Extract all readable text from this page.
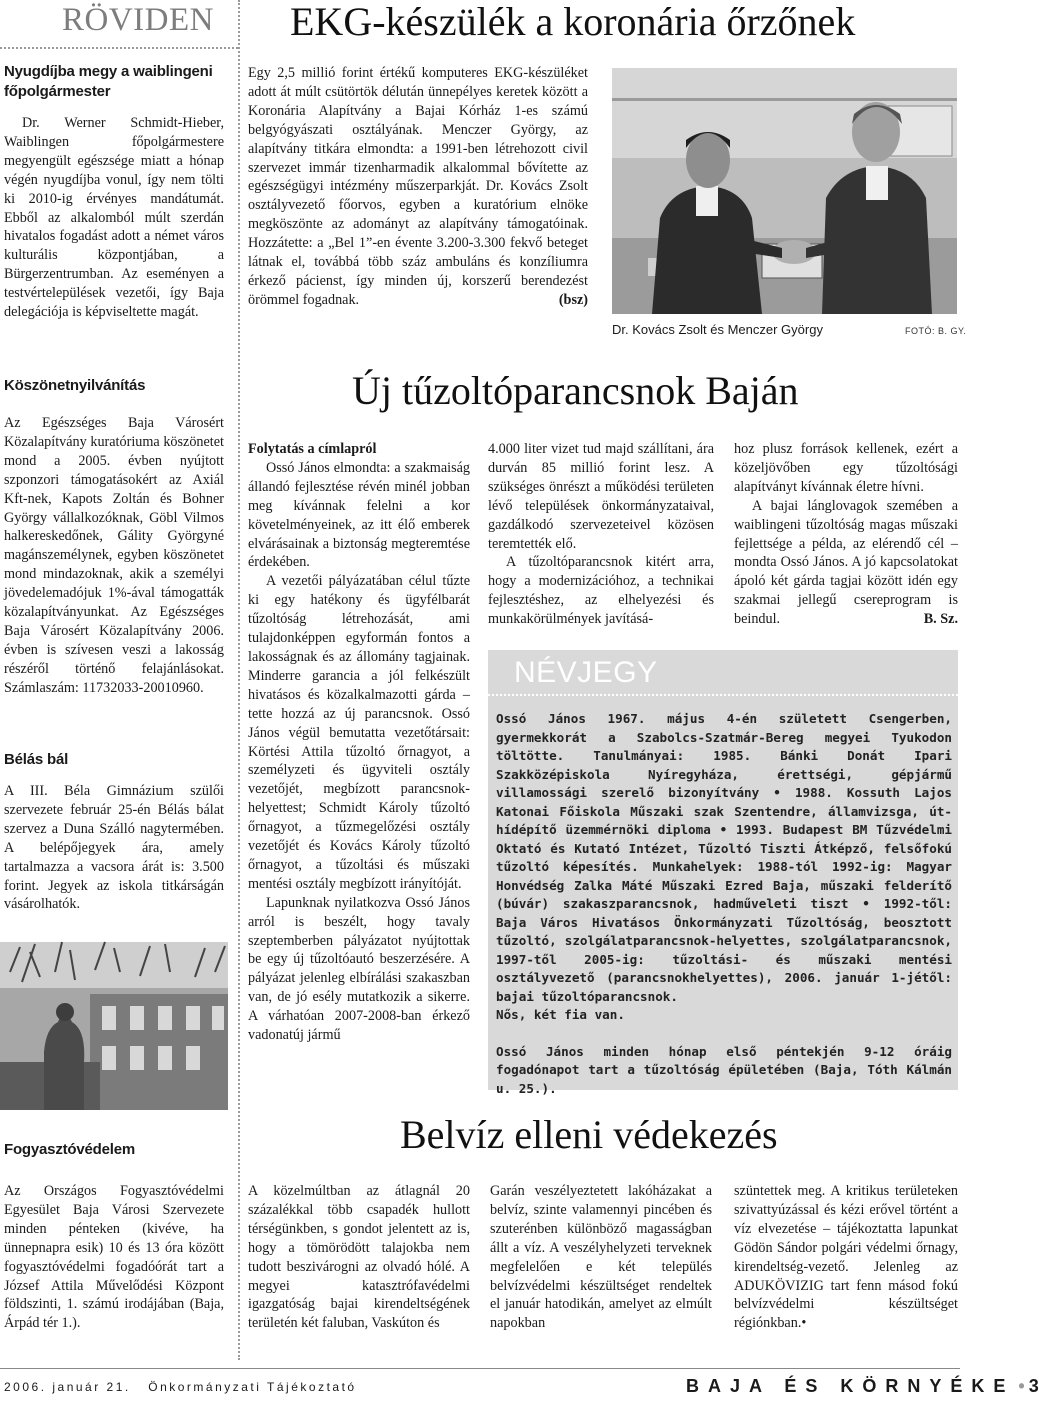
RÖVIDEN
Nyugdíjba megy a waiblingeni főpolgármester
Dr. Werner Schmidt-Hieber, Waiblingen főpolgármestere megyengült egészsége miatt a hónap végén nyugdíjba vonul, így nem tölti ki 2010-ig érvényes mandátumát. Ebből az alkalomból múlt szerdán hivatalos fogadást adott a német város kulturális központjában, a Bürgerzentrumban. Az eseményen a testvértelepülések vezetői, így Baja delegációja is képviseltette magát.
Köszönetnyilvánítás
Az Egészséges Baja Városért Közalapítvány kuratóriuma köszönetet mond a 2005. évben nyújtott szponzori támogatásokért az Axiál Kft-nek, Kapots Zoltán és Bohner György vállalkozóknak, Göbl Vilmos halkereskedőnek, Gálity Györgyné magánszemélynek, egyben köszönetet mond mindazoknak, akik a személyi jövedelemadójuk 1%-ával támogatták közalapítványunkat. Az Egészséges Baja Városért Közalapítvány 2006. évben is szívesen veszi a lakosság részéről történő felajánlásokat. Számlaszám: 11732033-20010960.
Bélás bál
A III. Béla Gimnázium szülői szervezete február 25-én Bélás bálat szervez a Duna Szálló nagytermében. A belépőjegyek ára, amely tartalmazza a vacsora árát is: 3.500 forint. Jegyek az iskola titkárságán vásárolhatók.
Fogyasztóvédelem
Az Országos Fogyasztóvédelmi Egyesület Baja Városi Szervezete minden pénteken (kivéve, ha ünnepnapra esik) 10 és 13 óra között fogyasztóvédelmi fogadóórát tart a József Attila Művelődési Központ földszinti, 1. számú irodájában (Baja, Árpád tér 1.).
EKG-készülék a koronária őrzőnek
Egy 2,5 millió forint értékű komputeres EKG-készüléket adott át múlt csütörtök délután ünnepélyes keretek között a Koronária Alapítvány a Bajai Kórház 1-es számú belgyógyászati osztályának. Menczer György, az alapítvány titkára elmondta: a 1991-ben létrehozott civil szervezet immár tizenharmadik alkalommal bővítette az egészségügyi intézmény műszerparkját. Dr. Kovács Zsolt osztályvezető főorvos, egyben a kuratórium elnöke megköszönte az adományt az alapítvány támogatóinak. Hozzátette: a „Bel 1”-en évente 3.200-3.300 fekvő beteget látnak el, továbbá több száz ambuláns és konzíliumra érkező pácienst, így minden új, korszerű berendezést örömmel fogadnak.	(bsz)
Dr. Kovács Zsolt és Menczer György	FOTÓ: B. GY.
Új tűzoltóparancsnok Baján
Folytatás a címlapról

Ossó János elmondta: a szakmaiság állandó fejlesztése révén minél jobban meg kívánnak felelni a kor követelményeinek, az itt élő emberek elvárásainak a biztonság megteremtése érdekében.

A vezetői pályázatában célul tűzte ki egy hatékony és ügyfélbarát tűzoltóság létrehozását, ami tulajdonképpen egyformán fontos a lakosságnak és az állomány tagjainak. Minderre garancia a jól felkészült hivatásos és közalkalmazotti gárda – tette hozzá az új parancsnok. Ossó János végül bemutatta vezetőtársait: Körtési Attila tűzoltó őrnagyot, a személyzeti és ügyviteli osztály vezetőjét, megbízott parancsnok-helyettest; Schmidt Károly tűzoltó őrnagyot, a tűzmegelőzési osztály vezetőjét és Kovács Károly tűzoltó őrnagyot, a tűzoltási és műszaki mentési osztály megbízott irányítóját.

Lapunknak nyilatkozva Ossó János arról is beszélt, hogy tavaly szeptemberben pályázatot nyújtottak be egy új tűzoltóautó beszerzésére. A pályázat jelenleg elbírálási szakaszban van, de jó esély mutatkozik a sikerre. A várhatóan 2007-2008-ban érkező vadonatúj jármű

4.000 liter vizet tud majd szállítani, ára durván 85 millió forint lesz. A szükséges önrészt a működési területen lévő települések önkormányzataival, gazdálkodó szervezeteivel közösen teremtették elő.

A tűzoltóparancsnok kitért arra, hogy a modernizációhoz, a technikai fejlesztéshez, az elhelyezési és munkakörülmények javításá-

hoz plusz források kellenek, ezért a közeljövőben egy tűzoltósági alapítványt kívánnak életre hívni.

A bajai lánglovagok szemében a waiblingeni tűzoltóság magas műszaki fejlettsége a példa, az elérendő cél – mondta Ossó János. A jó kapcsolatokat ápoló két gárda tagjai között idén egy szakmai jellegű csereprogram is beindul.	B. Sz.

NÉVJEGY

Ossó János 1967. május 4-én született Csengerben, gyermekkorát a Szabolcs-Szatmár-Bereg megyei Tyukodon töltötte. Tanulmányai: 1985. Bánki Donát Ipari Szakközépiskola Nyíregyháza, érettségi, gépjármű villamossági szerelő bizonyítvány • 1988. Kossuth Lajos Katonai Főiskola Műszaki szak Szentendre, államvizsga, út-hídépítő üzemmérnöki diploma • 1993. Budapest BM Tűzvédelmi Oktató és Kutató Intézet, Tűzoltó Tiszti Átképző, felsőfokú tűzoltó képesítés. Munkahelyek: 1988-tól 1992-ig: Magyar Honvédség Zalka Máté Műszaki Ezred Baja, műszaki felderítő (búvár) szakaszparancsnok, hadműveleti tiszt • 1992-től: Baja Város Hivatásos Önkormányzati Tűzoltóság, beosztott tűzoltó, szolgálatparancsnok-helyettes, szolgálatparancsnok, 1997-től 2005-ig: tűzoltási- és műszaki mentési osztályvezető (parancsnokhelyettes), 2006. január 1-jétől: bajai tűzoltóparancsnok.

Nős, két fia van.

Ossó János minden hónap első péntekjén 9-12 óráig fogadónapot tart a tűzoltóság épületében (Baja, Tóth Kálmán u. 25.).

Belvíz elleni védekezés
A közelmúltban az átlagnál 20 százalékkal több csapadék hullott térségünkben, s gondot jelentett az is, hogy a tömörödött talajokba nem tudott beszivárogni az olvadó hólé. A megyei katasztrófavédelmi igazgatóság bajai kirendeltségének területén két faluban, Vaskúton és
Garán veszélyeztetett lakóházakat a belvíz, szinte valamennyi pincében és szuterénben különböző magasságban állt a víz. A veszélyhelyzeti terveknek megfelelően e két település belvízvédelmi készültséget rendeltek el január hatodikán, amelyet az elmúlt napokban
szüntettek meg. A kritikus területeken szivattyúzással és kézi erővel történt a víz elvezetése – tájékoztatta lapunkat Gödön Sándor polgári védelmi őrnagy, kirendeltség-vezető. Jelenleg az ADUKÖVIZIG tart fenn másod fokú belvízvédelmi készültséget régiónkban.•
2006. január 21.   Önkormányzati Tájékoztató	BAJA ÉS KÖRNYÉKE • 3
